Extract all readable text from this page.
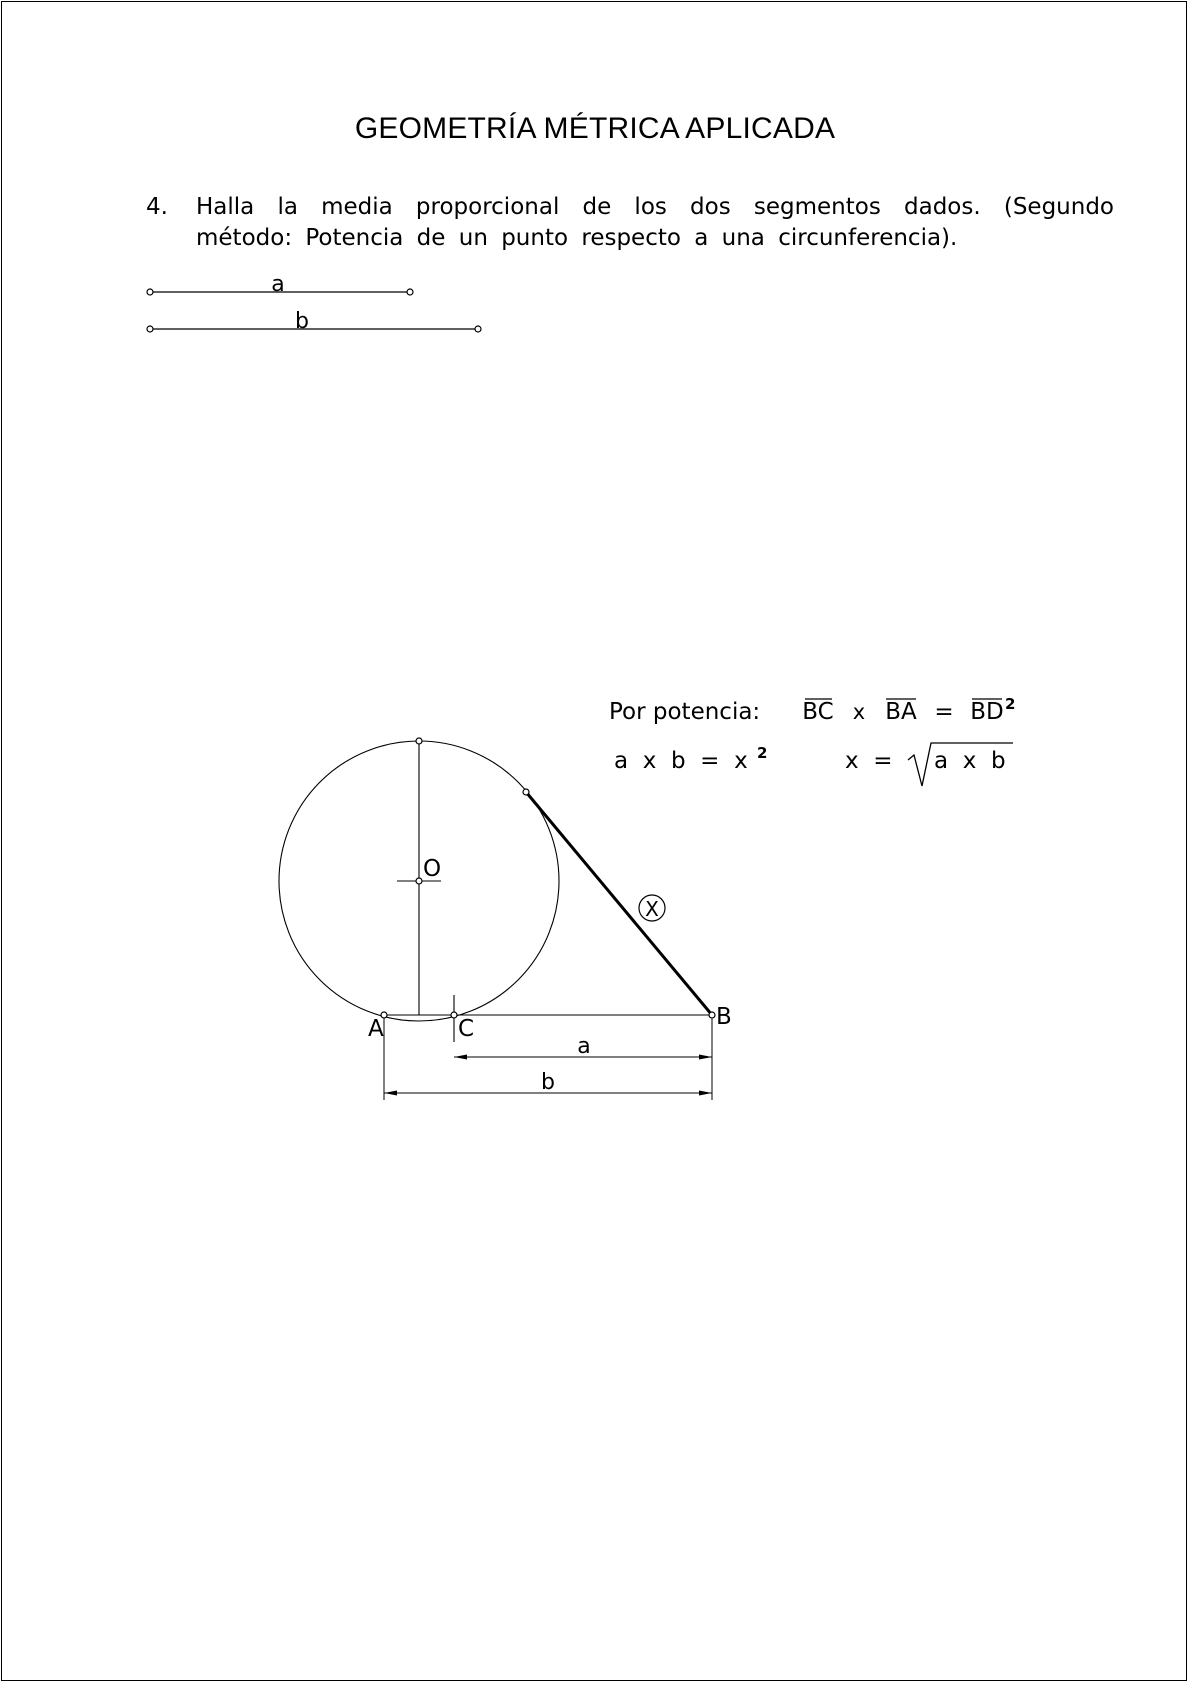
GEOMETRÍA MÉTRICA APLICADA
4. Halla la media proporcional de los dos segmentos dados. (Segundo método: Potencia de un punto respecto a una circunferencia).
a
b
O
A	C	B
X
a
b
Por potencia: BC x BA = BD 2
a  x  b  =  x 2	x  = a  x  b
